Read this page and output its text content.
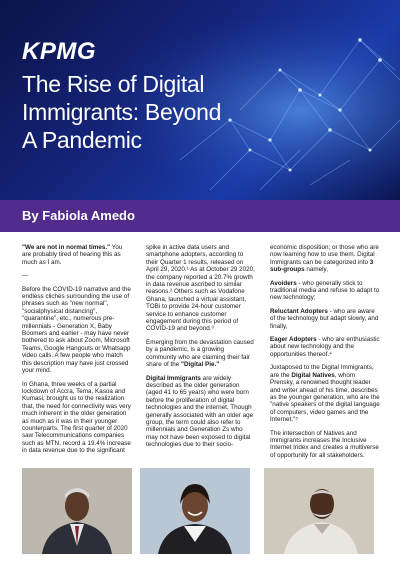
KPMG
The Rise of Digital
Immigrants: Beyond
A Pandemic
By Fabiola Amedo

"We are not in normal times." You are probably tired of hearing this as much as I am.

—

Before the COVID-19 narrative and the endless clichés surrounding the use of phrases such as "new normal", "socialphysical distancing", "quarantine", etc., numerous pre-millennials - Generation X, Baby Boomers and earlier - may have never bothered to ask about Zoom, Microsoft Teams, Google Hangouts or Whatsapp video calls. A few people who match this description may have just crossed your mind.

In Ghana, three weeks of a partial lockdown of Accra, Tema, Kasoa and Kumasi, brought us to the realization that, the need for connectivity was very much inherent in the older generation as much as it was in their younger counterparts. The first quarter of 2020 saw Telecommunications companies such as MTN, record a 19.4% increase in data revenue due to the significant

spike in active data users and smartphone adopters, according to their Quarter 1 results, released on April 29, 2020.¹ As at October 29 2020, the company reported a 20.7% growth in data revenue ascribed to similar reasons.² Others such as Vodafone Ghana, launched a virtual assistant, TOBi to provide 24-hour customer service to enhance customer engagement during this period of COVID-19 and beyond.³

Emerging from the devastation caused by a pandemic, is a growing community who are claiming their fair share of the "Digital Pie."

Digital Immigrants are widely described as the older generation (aged 41 to 65 years) who were born before the proliferation of digital technologies and the internet. Though generally associated with an older age group, the term could also refer to millennials and Generation Zs who may not have been exposed to digital technologies due to their socio-

economic disposition; or those who are now learning how to use them. Digital Immigrants can be categorized into 3 sub-groups namely,

Avoiders - who generally stick to traditional media and refuse to adapt to new technology;

Reluctant Adopters - who are aware of the technology but adapt slowly, and finally,

Eager Adopters - who are enthusiastic about new technology and the opportunities thereof.⁴

Juxtaposed to the Digital Immigrants, are the Digital Natives, whom Prensky, a renowned thought leader and writer ahead of his time, describes as the younger generation, who are the "native speakers of the digital language of computers, video games and the Internet."⁵

The intersection of Natives and Immigrants increases the Inclusive Internet Index and creates a multiverse of opportunity for all stakeholders.
